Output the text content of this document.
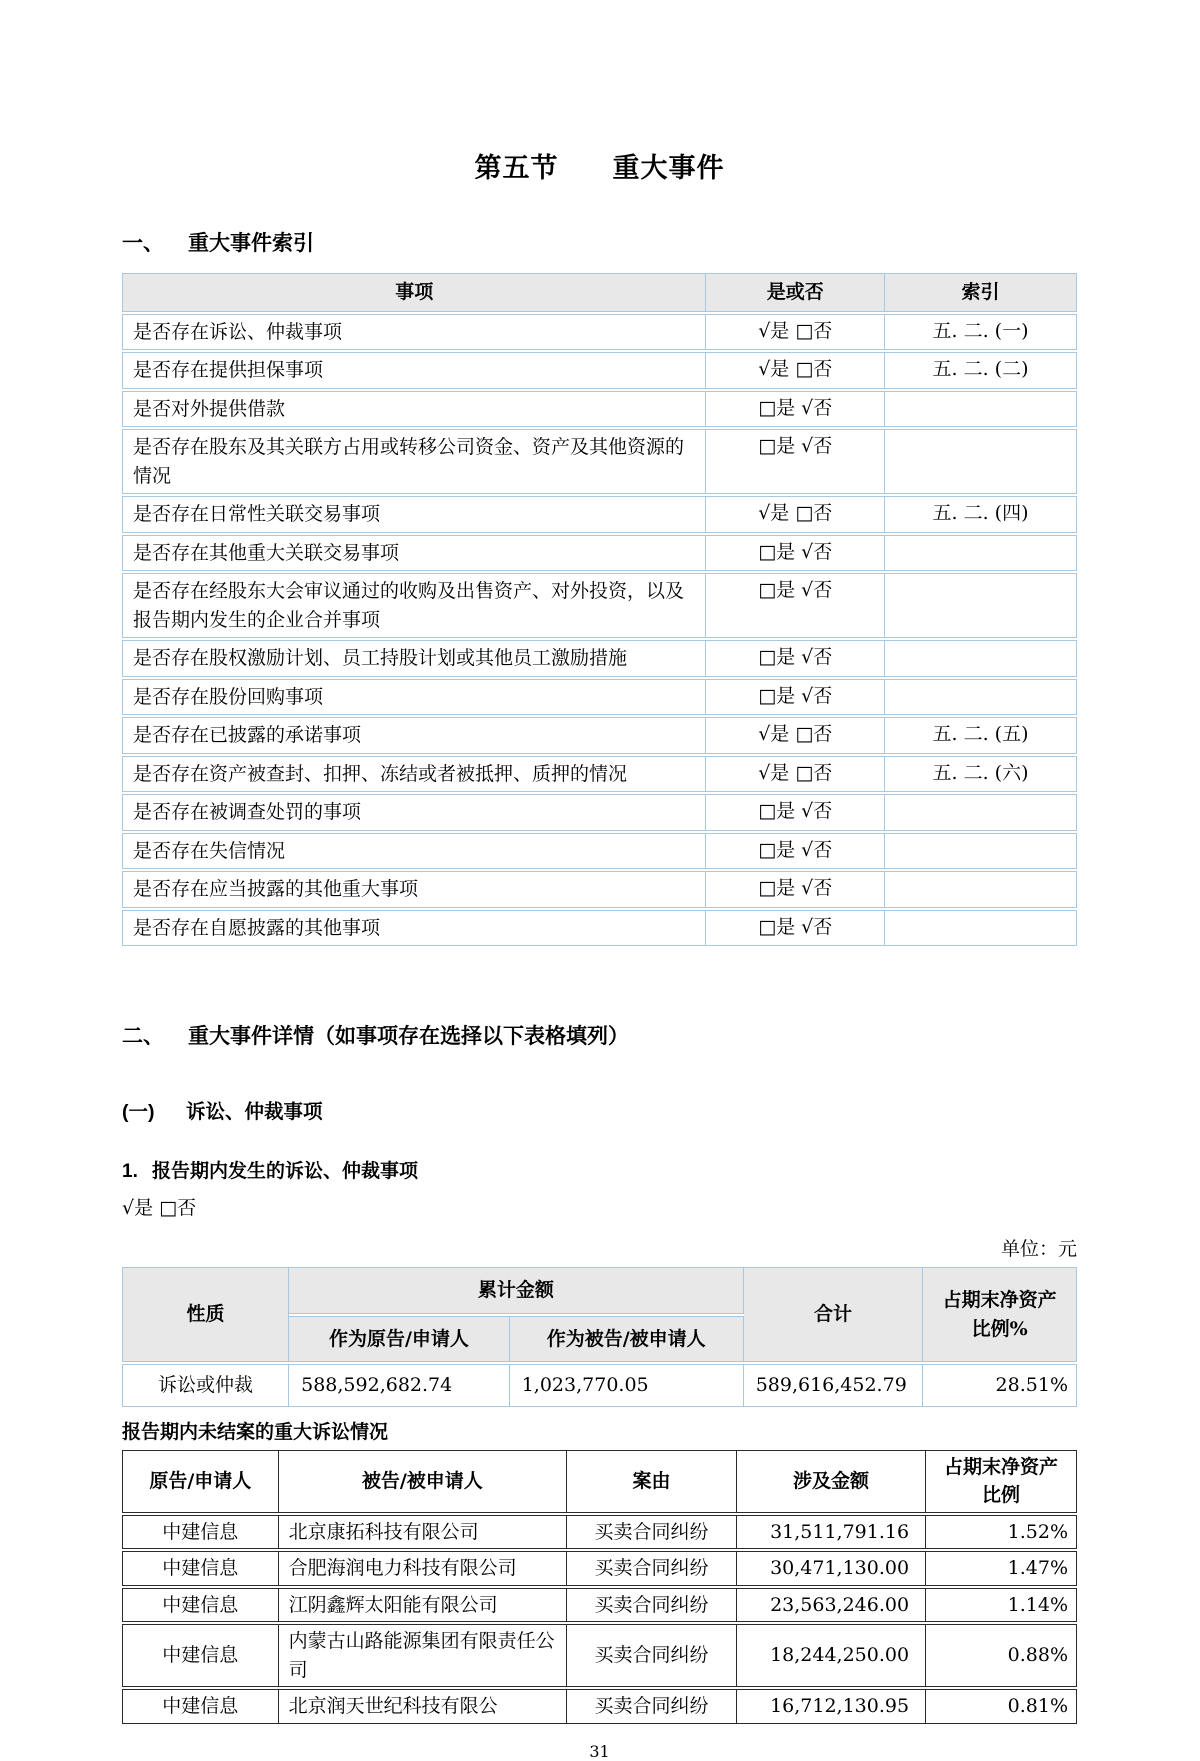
第五节 重大事件
一、 重大事件索引
事项	是或否	索引
是否存在诉讼、仲裁事项	√是 □否	五. 二. (一)
是否存在提供担保事项	√是 □否	五. 二. (二)
是否对外提供借款	□是 √否	
是否存在股东及其关联方占用或转移公司资金、资产及其他资源的情况	□是 √否	
是否存在日常性关联交易事项	√是 □否	五. 二. (四)
是否存在其他重大关联交易事项	□是 √否	
是否存在经股东大会审议通过的收购及出售资产、对外投资，以及报告期内发生的企业合并事项	□是 √否	
是否存在股权激励计划、员工持股计划或其他员工激励措施	□是 √否	
是否存在股份回购事项	□是 √否	
是否存在已披露的承诺事项	√是 □否	五. 二. (五)
是否存在资产被查封、扣押、冻结或者被抵押、质押的情况	√是 □否	五. 二. (六)
是否存在被调查处罚的事项	□是 √否	
是否存在失信情况	□是 √否	
是否存在应当披露的其他重大事项	□是 √否	
是否存在自愿披露的其他事项	□是 √否	
二、 重大事件详情（如事项存在选择以下表格填列）
(一) 诉讼、仲裁事项
1. 报告期内发生的诉讼、仲裁事项
√是 □否
单位：元
性质	累计金额		合计	占期末净资产比例%
	作为原告/申请人	作为被告/被申请人		
诉讼或仲裁	588,592,682.74	1,023,770.05	589,616,452.79	28.51%
报告期内未结案的重大诉讼情况
原告/申请人	被告/被申请人	案由	涉及金额	占期末净资产比例
中建信息	北京康拓科技有限公司	买卖合同纠纷	31,511,791.16	1.52%
中建信息	合肥海润电力科技有限公司	买卖合同纠纷	30,471,130.00	1.47%
中建信息	江阴鑫辉太阳能有限公司	买卖合同纠纷	23,563,246.00	1.14%
中建信息	内蒙古山路能源集团有限责任公司	买卖合同纠纷	18,244,250.00	0.88%
中建信息	北京润天世纪科技有限公	买卖合同纠纷	16,712,130.95	0.81%
31
